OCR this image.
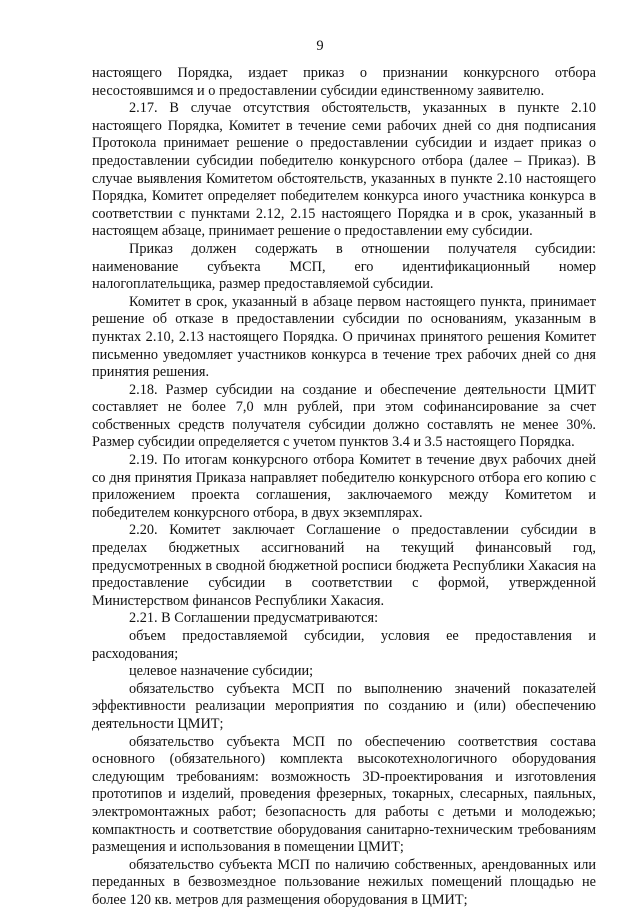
9

настоящего Порядка, издает приказ о признании конкурсного отбора несостоявшимся и о предоставлении субсидии единственному заявителю.

2.17. В случае отсутствия обстоятельств, указанных в пункте 2.10 настоящего Порядка, Комитет в течение семи рабочих дней со дня подписания Протокола принимает решение о предоставлении субсидии и издает приказ о предоставлении субсидии победителю конкурсного отбора (далее – Приказ). В случае выявления Комитетом обстоятельств, указанных в пункте 2.10 настоящего Порядка, Комитет определяет победителем конкурса иного участника конкурса в соответствии с пунктами 2.12, 2.15 настоящего Порядка и в срок, указанный в настоящем абзаце, принимает решение о предоставлении ему субсидии.

Приказ должен содержать в отношении получателя субсидии: наименование субъекта МСП, его идентификационный номер налогоплательщика, размер предоставляемой субсидии.

Комитет в срок, указанный в абзаце первом настоящего пункта, принимает решение об отказе в предоставлении субсидии по основаниям, указанным в пунктах 2.10, 2.13 настоящего Порядка. О причинах принятого решения Комитет письменно уведомляет участников конкурса в течение трех рабочих дней со дня принятия решения.

2.18. Размер субсидии на создание и обеспечение деятельности ЦМИТ составляет не более 7,0 млн рублей, при этом софинансирование за счет собственных средств получателя субсидии должно составлять не менее 30%. Размер субсидии определяется с учетом пунктов 3.4 и 3.5 настоящего Порядка.

2.19. По итогам конкурсного отбора Комитет в течение двух рабочих дней со дня принятия Приказа направляет победителю конкурсного отбора его копию с приложением проекта соглашения, заключаемого между Комитетом и победителем конкурсного отбора, в двух экземплярах.

2.20. Комитет заключает Соглашение о предоставлении субсидии в пределах бюджетных ассигнований на текущий финансовый год, предусмотренных в сводной бюджетной росписи бюджета Республики Хакасия на предоставление субсидии в соответствии с формой, утвержденной Министерством финансов Республики Хакасия.

2.21. В Соглашении предусматриваются:

объем предоставляемой субсидии, условия ее предоставления и расходования;

целевое назначение субсидии;

обязательство субъекта МСП по выполнению значений показателей эффективности реализации мероприятия по созданию и (или) обеспечению деятельности ЦМИТ;

обязательство субъекта МСП по обеспечению соответствия состава основного (обязательного) комплекта высокотехнологичного оборудования следующим требованиям: возможность 3D-проектирования и изготовления прототипов и изделий, проведения фрезерных, токарных, слесарных, паяльных, электромонтажных работ; безопасность для работы с детьми и молодежью; компактность и соответствие оборудования санитарно-техническим требованиям размещения и использования в помещении ЦМИТ;

обязательство субъекта МСП по наличию собственных, арендованных или переданных в безвозмездное пользование нежилых помещений площадью не более 120 кв. метров для размещения оборудования в ЦМИТ;
